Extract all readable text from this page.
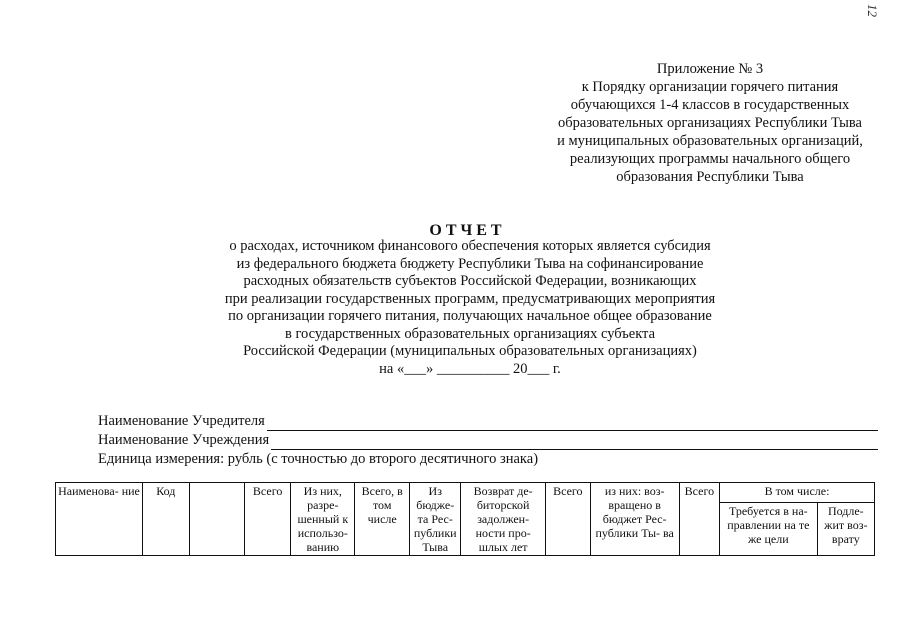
12
Приложение № 3
к Порядку организации горячего питания
обучающихся 1-4 классов в государственных
образовательных организациях Республики Тыва
и муниципальных образовательных организаций,
реализующих программы начального общего
образования Республики Тыва
ОТЧЕТ
о расходах, источником финансового обеспечения которых является субсидия
из федерального бюджета бюджету Республики Тыва на софинансирование
расходных обязательств субъектов Российской Федерации, возникающих
при реализации государственных программ, предусматривающих мероприятия
по организации горячего питания, получающих начальное общее образование
в государственных образовательных организациях субъекта
Российской Федерации (муниципальных образовательных организациях)
на «___» __________ 20___ г.
Наименование Учредителя
Наименование Учреждения
Единица измерения: рубль (с точностью до второго десятичного знака)
Наименова- ние	Код		Всего	Из них, разре- шенный к использо- ванию	Всего, в том числе	Из бюдже- та Рес- публики Тыва	Возврат де- биторской задолжен- ности про- шлых лет	Всего	из них: воз- вращено в бюджет Рес- публики Ты- ва	Всего	В том числе:	
											Требуется в на- правлении на те же цели	Подле- жит воз- врату
